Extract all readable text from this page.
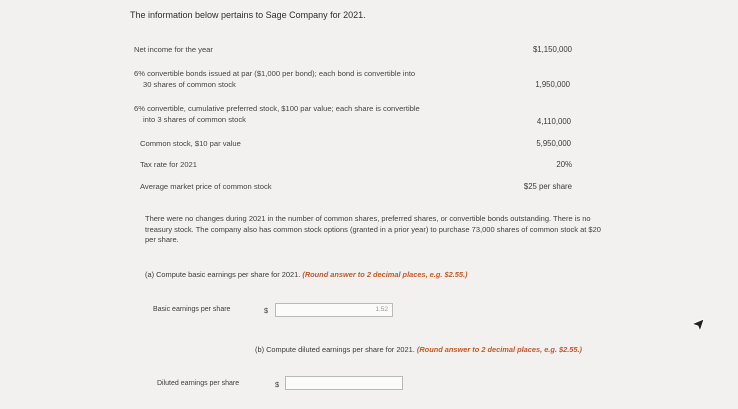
The information below pertains to Sage Company for 2021.
Net income for the year	$1,150,000
6% convertible bonds issued at par ($1,000 per bond); each bond is convertible into
30 shares of common stock	1,950,000
6% convertible, cumulative preferred stock, $100 par value; each share is convertible
into 3 shares of common stock	4,110,000
Common stock, $10 par value	5,950,000
Tax rate for 2021	20%
Average market price of common stock	$25 per share
There were no changes during 2021 in the number of common shares, preferred shares, or convertible bonds outstanding. There is no treasury stock. The company also has common stock options (granted in a prior year) to purchase 73,000 shares of common stock at $20 per share.
(a) Compute basic earnings per share for 2021. (Round answer to 2 decimal places, e.g. $2.55.)
Basic earnings per share	$	1.52
(b) Compute diluted earnings per share for 2021. (Round answer to 2 decimal places, e.g. $2.55.)
Diluted earnings per share	$
